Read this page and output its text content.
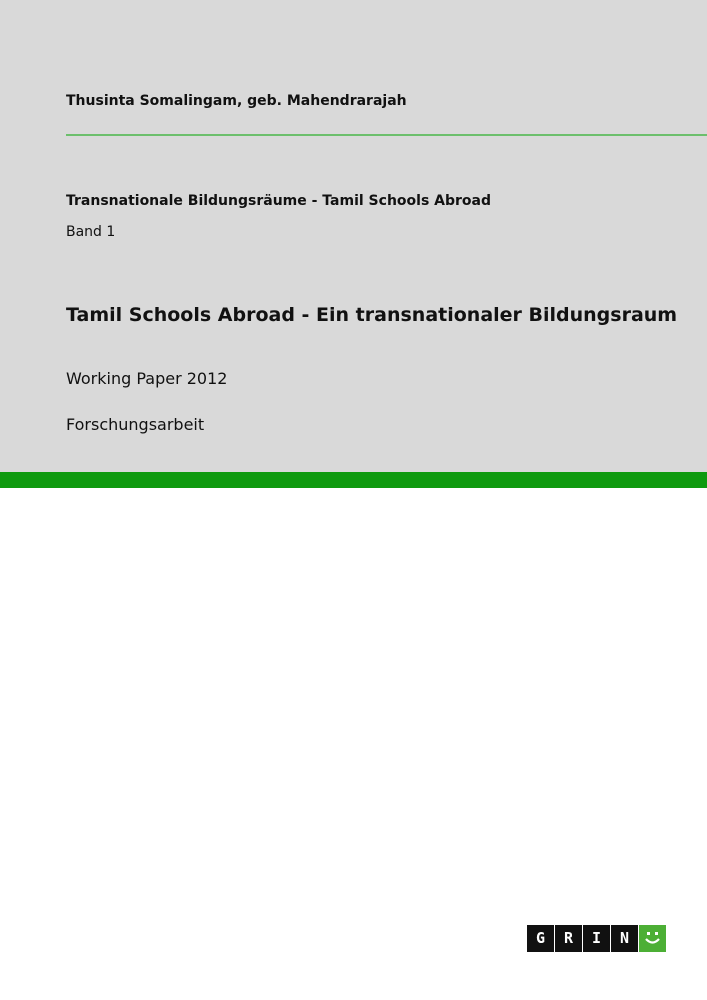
Thusinta Somalingam, geb. Mahendrarajah
Transnationale Bildungsräume - Tamil Schools Abroad
Band 1
Tamil Schools Abroad - Ein transnationaler Bildungsraum
Working Paper 2012
Forschungsarbeit
G	R	I	N
